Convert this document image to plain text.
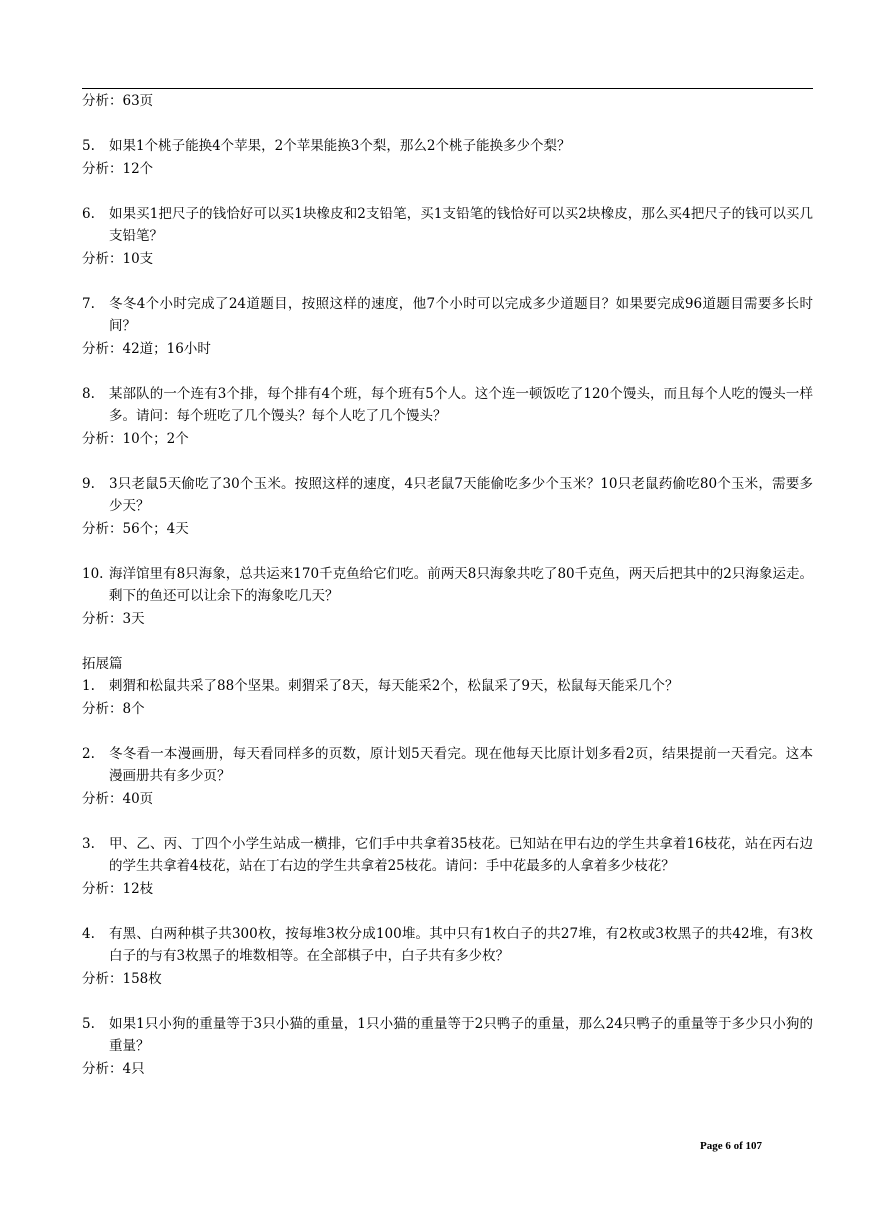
分析：63页
5.	如果1个桃子能换4个苹果，2个苹果能换3个梨，那么2个桃子能换多少个梨？
分析：12个
6.	如果买1把尺子的钱恰好可以买1块橡皮和2支铅笔，买1支铅笔的钱恰好可以买2块橡皮，那么买4把尺子的钱可以买几支铅笔？
分析：10支
7.	冬冬4个小时完成了24道题目，按照这样的速度，他7个小时可以完成多少道题目？如果要完成96道题目需要多长时间？
分析：42道；16小时
8.	某部队的一个连有3个排，每个排有4个班，每个班有5个人。这个连一顿饭吃了120个馒头，而且每个人吃的馒头一样多。请问：每个班吃了几个馒头？每个人吃了几个馒头？
分析：10个；2个
9.	3只老鼠5天偷吃了30个玉米。按照这样的速度，4只老鼠7天能偷吃多少个玉米？10只老鼠药偷吃80个玉米，需要多少天？
分析：56个；4天
10. 海洋馆里有8只海象，总共运来170千克鱼给它们吃。前两天8只海象共吃了80千克鱼，两天后把其中的2只海象运走。剩下的鱼还可以让余下的海象吃几天？
分析：3天
拓展篇
1.	刺猬和松鼠共采了88个坚果。刺猬采了8天，每天能采2个，松鼠采了9天，松鼠每天能采几个？
分析：8个
2.	冬冬看一本漫画册，每天看同样多的页数，原计划5天看完。现在他每天比原计划多看2页，结果提前一天看完。这本漫画册共有多少页？
分析：40页
3.	甲、乙、丙、丁四个小学生站成一横排，它们手中共拿着35枝花。已知站在甲右边的学生共拿着16枝花，站在丙右边的学生共拿着4枝花，站在丁右边的学生共拿着25枝花。请问：手中花最多的人拿着多少枝花？
分析：12枝
4.	有黑、白两种棋子共300枚，按每堆3枚分成100堆。其中只有1枚白子的共27堆，有2枚或3枚黑子的共42堆，有3枚白子的与有3枚黑子的堆数相等。在全部棋子中，白子共有多少枚？
分析：158枚
5.	如果1只小狗的重量等于3只小猫的重量，1只小猫的重量等于2只鸭子的重量，那么24只鸭子的重量等于多少只小狗的重量？
分析：4只
Page 6 of 107
